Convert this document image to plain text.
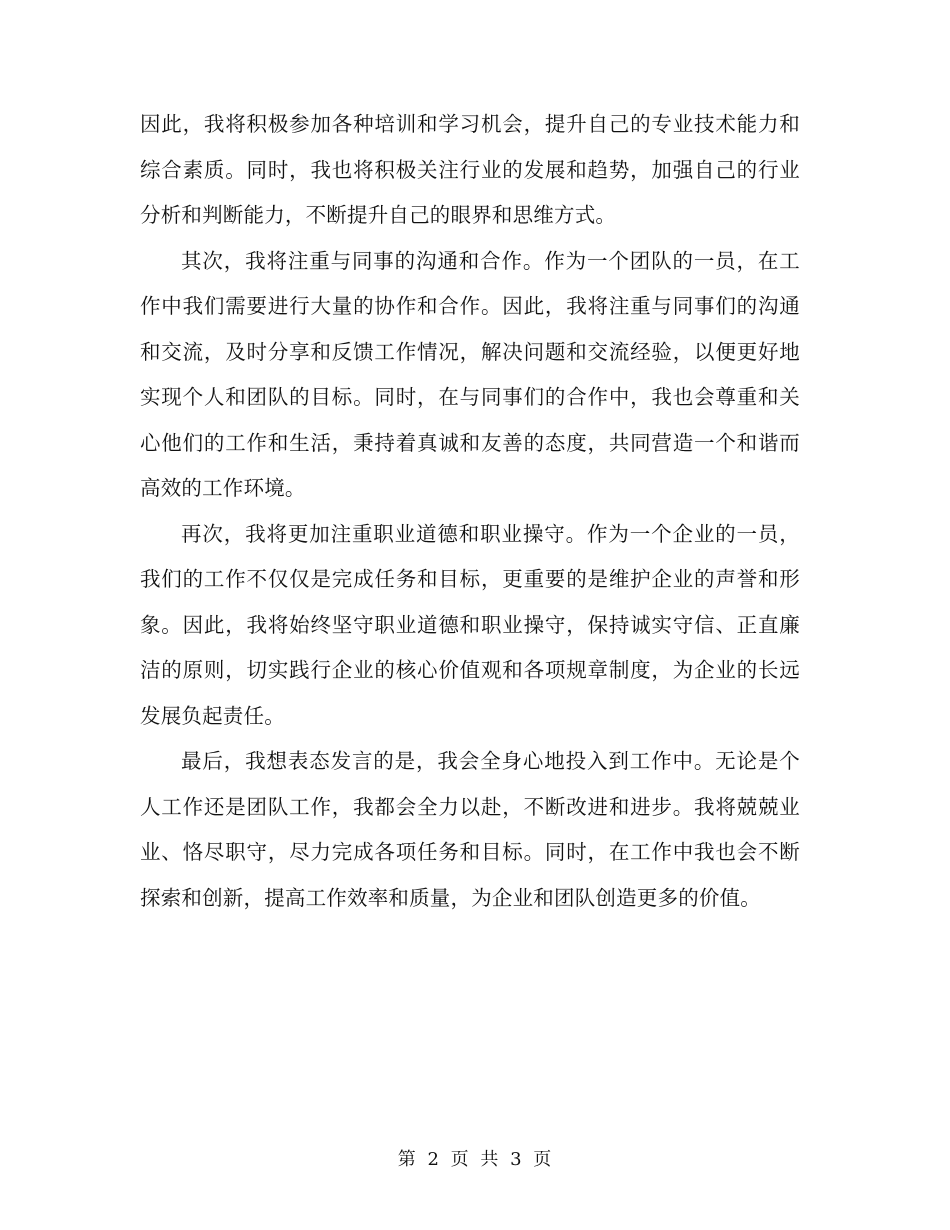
因此，我将积极参加各种培训和学习机会，提升自己的专业技术能力和综合素质。同时，我也将积极关注行业的发展和趋势，加强自己的行业分析和判断能力，不断提升自己的眼界和思维方式。

其次，我将注重与同事的沟通和合作。作为一个团队的一员，在工作中我们需要进行大量的协作和合作。因此，我将注重与同事们的沟通和交流，及时分享和反馈工作情况，解决问题和交流经验，以便更好地实现个人和团队的目标。同时，在与同事们的合作中，我也会尊重和关心他们的工作和生活，秉持着真诚和友善的态度，共同营造一个和谐而高效的工作环境。

再次，我将更加注重职业道德和职业操守。作为一个企业的一员，我们的工作不仅仅是完成任务和目标，更重要的是维护企业的声誉和形象。因此，我将始终坚守职业道德和职业操守，保持诚实守信、正直廉洁的原则，切实践行企业的核心价值观和各项规章制度，为企业的长远发展负起责任。

最后，我想表态发言的是，我会全身心地投入到工作中。无论是个人工作还是团队工作，我都会全力以赴，不断改进和进步。我将兢兢业业、恪尽职守，尽力完成各项任务和目标。同时，在工作中我也会不断探索和创新，提高工作效率和质量，为企业和团队创造更多的价值。

第 2 页 共 3 页
